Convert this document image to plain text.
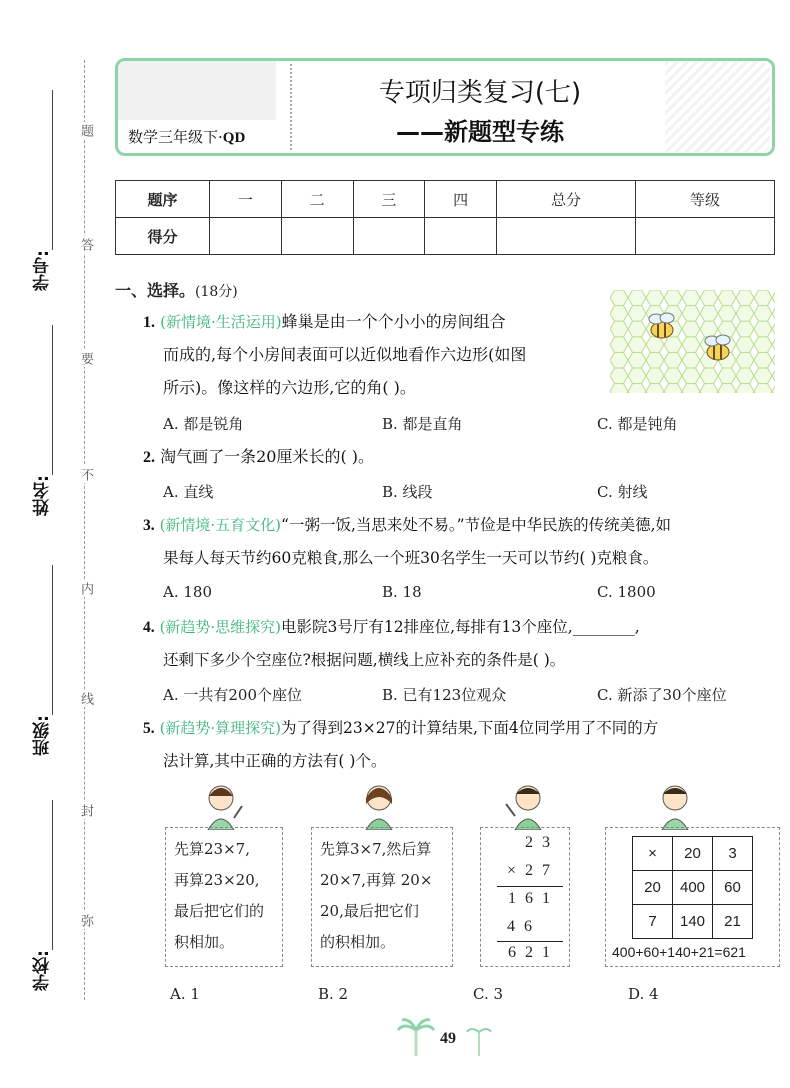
学号:
姓名:
班级:
学校:
题
答
要
不
内
线
封
弥
数学三年级下·QD
专项归类复习(七)
——新题型专练
题序	一	二	三	四	总分	等级
得分						
一、选择。(18分)
1. (新情境·生活运用)蜂巢是由一个个小小的房间组合
而成的,每个小房间表面可以近似地看作六边形(如图
所示)。像这样的六边形,它的角( )。
A. 都是锐角	B. 都是直角	C. 都是钝角
2. 淘气画了一条20厘米长的( )。
A. 直线	B. 线段	C. 射线
3. (新情境·五育文化)“一粥一饭,当思来处不易。”节俭是中华民族的传统美德,如
果每人每天节约60克粮食,那么一个班30名学生一天可以节约( )克粮食。
A. 180	B. 18	C. 1800
4. (新趋势·思维探究)电影院3号厅有12排座位,每排有13个座位,________,
还剩下多少个空座位?根据问题,横线上应补充的条件是( )。
A. 一共有200个座位	B. 已有123位观众	C. 新添了30个座位
5. (新趋势·算理探究)为了得到23×27的计算结果,下面4位同学用了不同的方
法计算,其中正确的方法有( )个。
先算23×7,
再算23×20,
最后把它们的
积相加。
先算3×7,然后算
20×7,再算 20×
20,最后把它们
的积相加。
23
×27
161
46
621
×	20	3
20	400	60
7	140	21
400+60+140+21=621
A. 1	B. 2	C. 3	D. 4
49
